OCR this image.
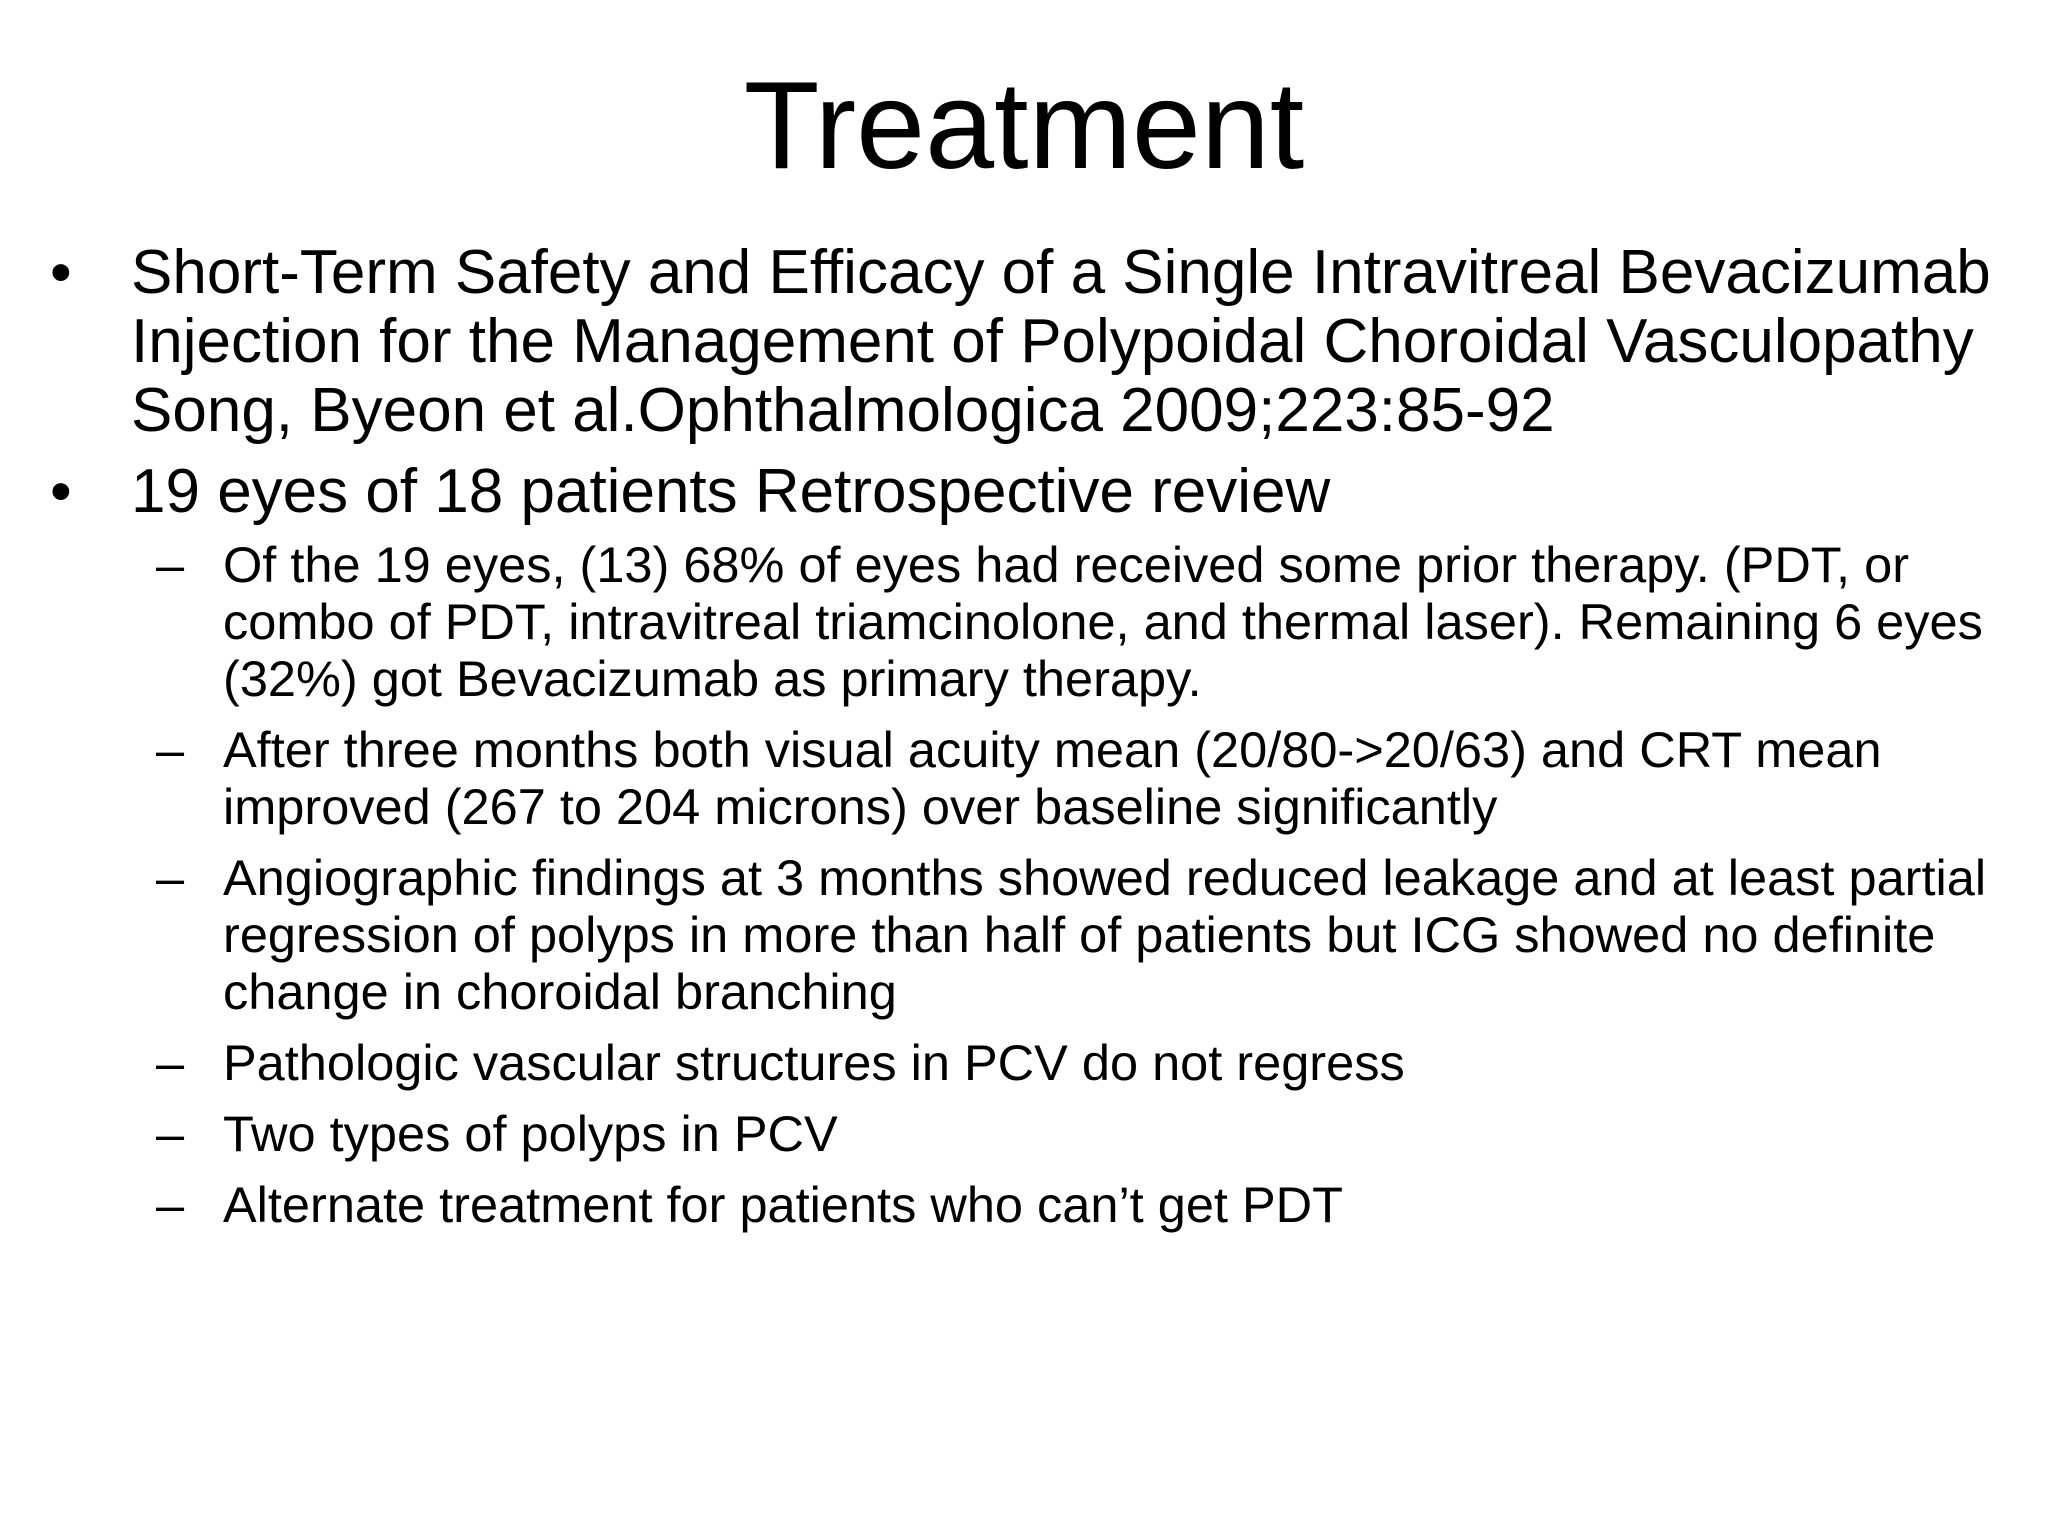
Treatment
• Short-Term Safety and Efficacy of a Single Intravitreal Bevacizumab Injection for the Management of Polypoidal Choroidal Vasculopathy Song, Byeon et al.Ophthalmologica 2009;223:85-92
• 19 eyes of 18 patients Retrospective review
– Of the 19 eyes, (13) 68% of eyes had received some prior therapy. (PDT, or combo of PDT, intravitreal triamcinolone, and thermal laser). Remaining 6 eyes (32%) got Bevacizumab as primary therapy.
– After three months both visual acuity mean (20/80->20/63) and CRT mean improved (267 to 204 microns) over baseline significantly
– Angiographic findings at 3 months showed reduced leakage and at least partial regression of polyps in more than half of patients but ICG showed no definite change in choroidal branching
– Pathologic vascular structures in PCV do not regress
– Two types of polyps in PCV
– Alternate treatment for patients who can’t get PDT
